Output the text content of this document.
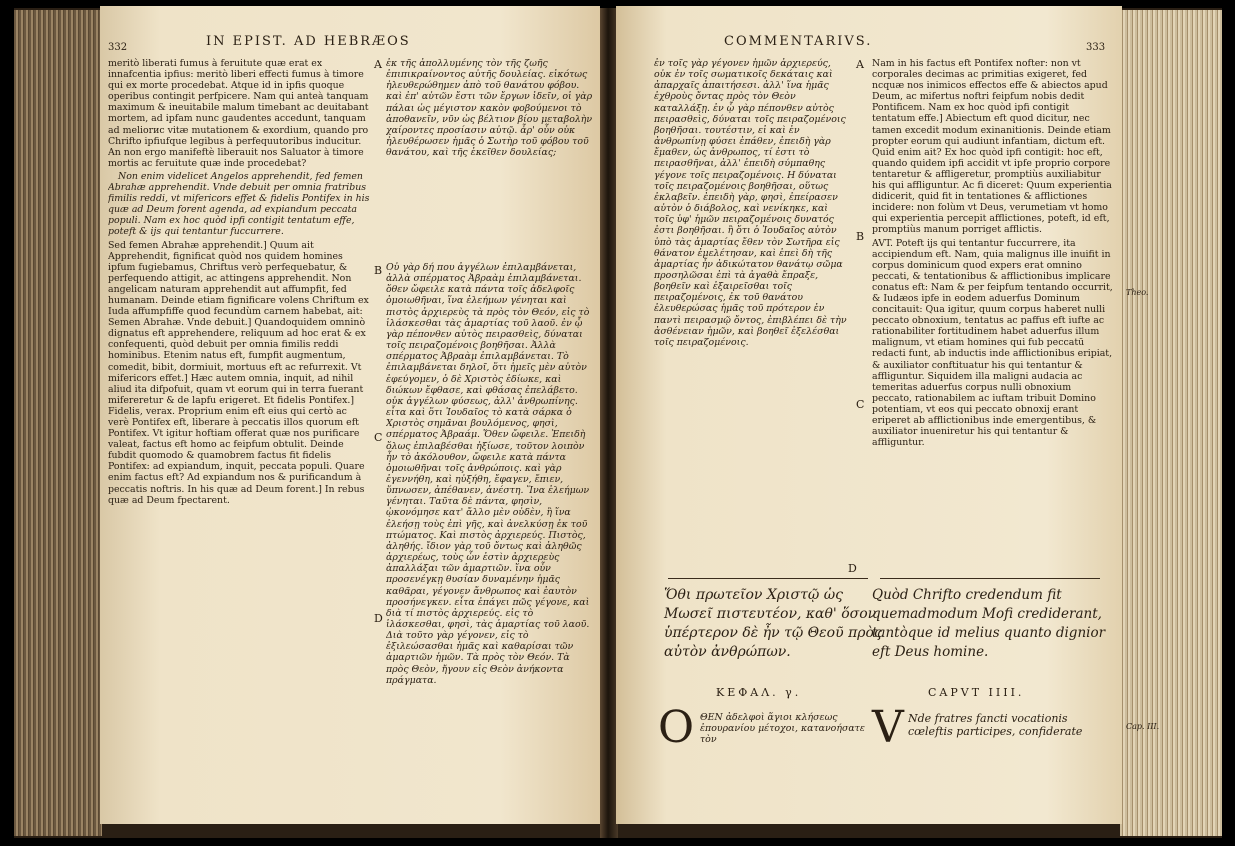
332	IN EPIST. AD HEBRÆOS

meritò liberati fumus à feruitute quæ erat ex innafcentia ipfius: meritò liberi effecti fumus à timore qui ex morte procedebat. Atque id in ipfis quoque operibus contingit perfpicere. Nam qui anteà tanquam maximum & ineuitabile malum timebant ac deuitabant mortem, ad ipfam nunc gaudentes accedunt, tanquam ad meliorис vitæ mutationem & exordium, quando pro Chrifto ipfiufque legibus à perfequutoribus inducitur. An non ergo manifeftè liberauit nos Saluator à timore mortis ac feruitute quæ inde procedebat?

Non enim videlicet Angelos apprehendit, fed femen Abrahæ apprehendit. Vnde debuit per omnia fratribus fimilis reddi, vt mifericors effet & fidelis Pontifex in his quæ ad Deum forent agenda, ad expiandum peccata populi. Nam ex hoc quòd ipfi contigit tentatum effe, poteft & ijs qui tentantur fuccurrere.

Sed femen Abrahæ apprehendit.] Quum ait Apprehendit, fignificat quòd nos quidem homines ipfum fugiebamus, Chriftus verò perfequebatur, & perfequendo attigit, ac attingens apprehendit. Non angelicam naturam apprehendit aut affumpfit, fed humanam. Deinde etiam fignificare volens Chriftum ex Iuda affumpfiffe quod fecundùm carnem habebat, ait: Semen Abrahæ. Vnde debuit.] Quandoquidem omninò dignatus eft apprehendere, reliquum ad hoc erat & ex confequenti, quòd debuit per omnia fimilis reddi hominibus. Etenim natus eft, fumpfit augmentum, comedit, bibit, dormiuit, mortuus eft ac refurrexit. Vt mifericors effet.] Hæc autem omnia, inquit, ad nihil aliud ita difpofuit, quam vt eorum qui in terra fuerant mifereretur & de lapfu erigeret. Et fidelis Pontifex.] Fidelis, verax. Proprium enim eft eius qui certò ac verè Pontifex eft, liberare à peccatis illos quorum eft Pontifex. Vt igitur hoftiam offerat quæ nos purificare valeat, factus eft homo ac feipfum obtulit. Deinde fubdit quomodo & quamobrem factus fit fidelis Pontifex: ad expiandum, inquit, peccata populi. Quare enim factus eft? Ad expiandum nos & purificandum à peccatis noftris. In his quæ ad Deum forent.] In rebus quæ ad Deum fpectarent.

ἐκ τῆς ἀπολλυμένης τὸν τῆς ζωῆς ἐπιπικραίνοντος αὐτῆς δουλείας. εἰκότως ἠλευθερώθημεν ἀπὸ τοῦ θανάτου φόβου. καὶ ἐπ' αὐτῶν ἔστι τῶν ἔργων ἰδεῖν, οἱ γὰρ πάλαι ὡς μέγιστον κακὸν φοβούμενοι τὸ ἀποθανεῖν, νῦν ὡς βέλτιον βίου μεταβολὴν χαίροντες προσίασιν αὐτῷ. ἆρ' οὖν οὐκ ἠλευθέρωσεν ἡμᾶς ὁ Σωτὴρ τοῦ φόβου τοῦ θανάτου, καὶ τῆς ἐκεῖθεν δουλείας;
Οὐ γὰρ δή που ἀγγέλων ἐπιλαμβάνεται, ἀλλὰ σπέρματος Ἀβραὰμ ἐπιλαμβάνεται. ὅθεν ὤφειλε κατὰ πάντα τοῖς ἀδελφοῖς ὁμοιωθῆναι, ἵνα ἐλεήμων γένηται καὶ πιστὸς ἀρχιερεὺς τὰ πρὸς τὸν Θεόν, εἰς τὸ ἱλάσκεσθαι τὰς ἁμαρτίας τοῦ λαοῦ. ἐν ᾧ γὰρ πέπονθεν αὐτὸς πειρασθεὶς, δύναται τοῖς πειραζομένοις βοηθῆσαι. Ἀλλὰ σπέρματος Ἀβραὰμ ἐπιλαμβάνεται. Τὸ ἐπιλαμβάνεται δηλοῖ, ὅτι ἡμεῖς μὲν αὐτὸν ἐφεύγομεν, ὁ δὲ Χριστὸς ἐδίωκε, καὶ διώκων ἔφθασε, καὶ φθάσας ἐπελάβετο. οὐκ ἀγγέλων φύσεως, ἀλλ' ἀνθρωπίνης. εἶτα καὶ ὅτι Ἰουδαῖος τὸ κατὰ σάρκα ὁ Χριστὸς σημᾶναι βουλόμενος, φησὶ, σπέρματος Ἀβραάμ. Ὅθεν ὤφειλε. Ἐπειδὴ ὅλως ἐπιλαβέσθαι ἠξίωσε, τοῦτον λοιπὸν ἦν τὸ ἀκόλουθον, ὤφειλε κατὰ πάντα ὁμοιωθῆναι τοῖς ἀνθρώποις. καὶ γὰρ ἐγεννήθη, καὶ ηὐξήθη, ἔφαγεν, ἔπιεν, ὕπνωσεν, ἀπέθανεν, ἀνέστη. Ἵνα ἐλεήμων γένηται. Ταῦτα δὲ πάντα, φησὶν, ᾠκονόμησε κατ' ἄλλο μὲν οὐδὲν, ἢ ἵνα ἐλεήσῃ τοὺς ἐπὶ γῆς, καὶ ἀνελκύσῃ ἐκ τοῦ πτώματος. Καὶ πιστὸς ἀρχιερεύς. Πιστὸς, ἀληθής. ἴδιον γὰρ τοῦ ὄντως καὶ ἀληθῶς ἀρχιερέως, τοὺς ὧν ἐστὶν ἀρχιερεὺς ἀπαλλάξαι τῶν ἁμαρτιῶν. ἵνα οὖν προσενέγκῃ θυσίαν δυναμένην ἡμᾶς καθᾶραι, γέγονεν ἄνθρωπος καὶ ἑαυτὸν προσήνεγκεν. εἶτα ἐπάγει πῶς γέγονε, καὶ διὰ τί πιστὸς ἀρχιερεύς. εἰς τὸ ἱλάσκεσθαι, φησὶ, τὰς ἁμαρτίας τοῦ λαοῦ. Διὰ τοῦτο γὰρ γέγονεν, εἰς τὸ ἐξιλεώσασθαι ἡμᾶς καὶ καθαρίσαι τῶν ἁμαρτιῶν ἡμῶν. Τὰ πρὸς τὸν Θεόν. Τὰ πρὸς Θεὸν, ἤγουν εἰς Θεὸν ἀνήκοντα πράγματα.
A
B
C
D
COMMENTARIVS.	333
ἐν τοῖς γὰρ γέγονεν ἡμῶν ἀρχιερεύς, οὐκ ἐν τοῖς σωματικοῖς δεκάταις καὶ ἀπαρχαῖς ἀπαιτήσεσι. ἀλλ' ἵνα ἡμᾶς ἐχθροὺς ὄντας πρὸς τὸν Θεὸν καταλλάξῃ. ἐν ᾧ γὰρ πέπονθεν αὐτὸς πειρασθεὶς, δύναται τοῖς πειραζομένοις βοηθῆσαι. τουτέστιν, εἰ καὶ ἐν ἀνθρωπίνῃ φύσει ἐπάθεν, ἐπειδὴ γὰρ ἔμαθεν, ὡς ἀνθρωπος, τί ἐστι τὸ πειρασθῆναι, ἀλλ' ἐπειδὴ σύμπαθης γέγονε τοῖς πειραζομένοις. Η δύναται τοῖς πειραζομένοις βοηθῆσαι, οὕτως ἐκλαβεῖν. ἐπειδὴ γὰρ, φησὶ, ἐπείρασεν αὐτὸν ὁ διάβολος, καὶ νενίκηκε, καὶ τοῖς ὑφ' ἡμῶν πειραζομένοις δυνατός ἐστι βοηθῆσαι. ἢ ὅτι ὁ Ἰουδαῖος αὐτὸν ὑπὸ τὰς ἁμαρτίας ἔθεν τὸν Σωτῆρα εἰς θάνατον ἐμελέτησαν, καὶ ἐπεὶ δὴ τῆς ἀμαρτίας ἦν ἀδικώτατον θανάτῳ σῶμα προσηλῶσαι ἐπὶ τὰ ἀγαθὰ ἔπραξε, βοηθεῖν καὶ ἐξαιρεῖσθαι τοῖς πειραζομένοις, ἐκ τοῦ θανάτου ἐλευθερώσας ἡμᾶς τοῦ πρότερον ἐν παντὶ πειρασμῷ ὄντος, ἐπιβλέπει δὲ τὴν ἀσθένειαν ἡμῶν, καὶ βοηθεῖ ἐξελέσθαι τοῖς πειραζομένοις.

Nam in his factus eft Pontifex nofter: non vt corporales decimas ac primitias exigeret, fed ncquæ nos inimicos effectos effe & abiectos apud Deum, ac mifertus noftri feipfum nobis dedit Pontificem. Nam ex hoc quòd ipfi contigit tentatum effe.] Abiectum eft quod dicitur, nec tamen excedit modum exinanitionis. Deinde etiam propter eorum qui audiunt infantiam, dictum eft. Quid enim ait? Ex hoc quòd ipfi contigit: hoc eft, quando quidem ipfi accidit vt ipfe proprio corpore tentaretur & affligeretur, promptiùs auxiliabitur his qui affliguntur. Ac fi diceret: Quum experientia didicerit, quid fit in tentationes & afflictiones incidere: non folùm vt Deus, verumetiam vt homo qui experientia percepit afflictiones, poteft, id eft, promptiùs manum porriget afflictis.

AVT. Poteft ijs qui tentantur fuccurrere, ita accipiendum eft. Nam, quia malignus ille inuifit in corpus dominicum quod expers erat omnino peccati, & tentationibus & afflictionibus implicare conatus eft: Nam & per feipfum tentando occurrit, & Iudæos ipfe in eodem aduerfus Dominum concitauit: Qua igitur, quum corpus haberet nulli peccato obnoxium, tentatus ac paffus eft iufte ac rationabiliter fortitudinem habet aduerfus illum malignum, vt etiam homines qui fub peccatū redacti funt, ab inductis inde afflictionibus eripiat, & auxiliator conftituatur his qui tentantur & affliguntur. Siquidem illa maligni audacia ac temeritas aduerfus corpus nulli obnoxium peccato, rationabilem ac iuftam tribuit Domino potentiam, vt eos qui peccato obnoxij erant eriperet ab afflictionibus inde emergentibus, & auxiliator inueniretur his qui tentantur & affliguntur.

A
B
C
D
Theo.
Cap. III.
Ὅθι πρωτεῖον Χριστῷ ὡς Μωσεῖ πιστευτέον, καθ' ὅσον ὑπέρτερον δὲ ἦν τῷ Θεοῦ πρὸς αὐτὸν ἀνθρώπων.
Quòd Chrifto credendum fit quemadmodum Mofi crediderant, tantòque id melius quanto dignior eft Deus homine.
ΚΕΦΑΛ. γ.	CAPVT IIII.
Ο ΘΕΝ ἀδελφοὶ ἅγιοι κλήσεως ἐπουρανίου μέτοχοι, κατανοήσατε τὸν	V Nde fratres fancti vocationis cœleftis participes, confiderate
